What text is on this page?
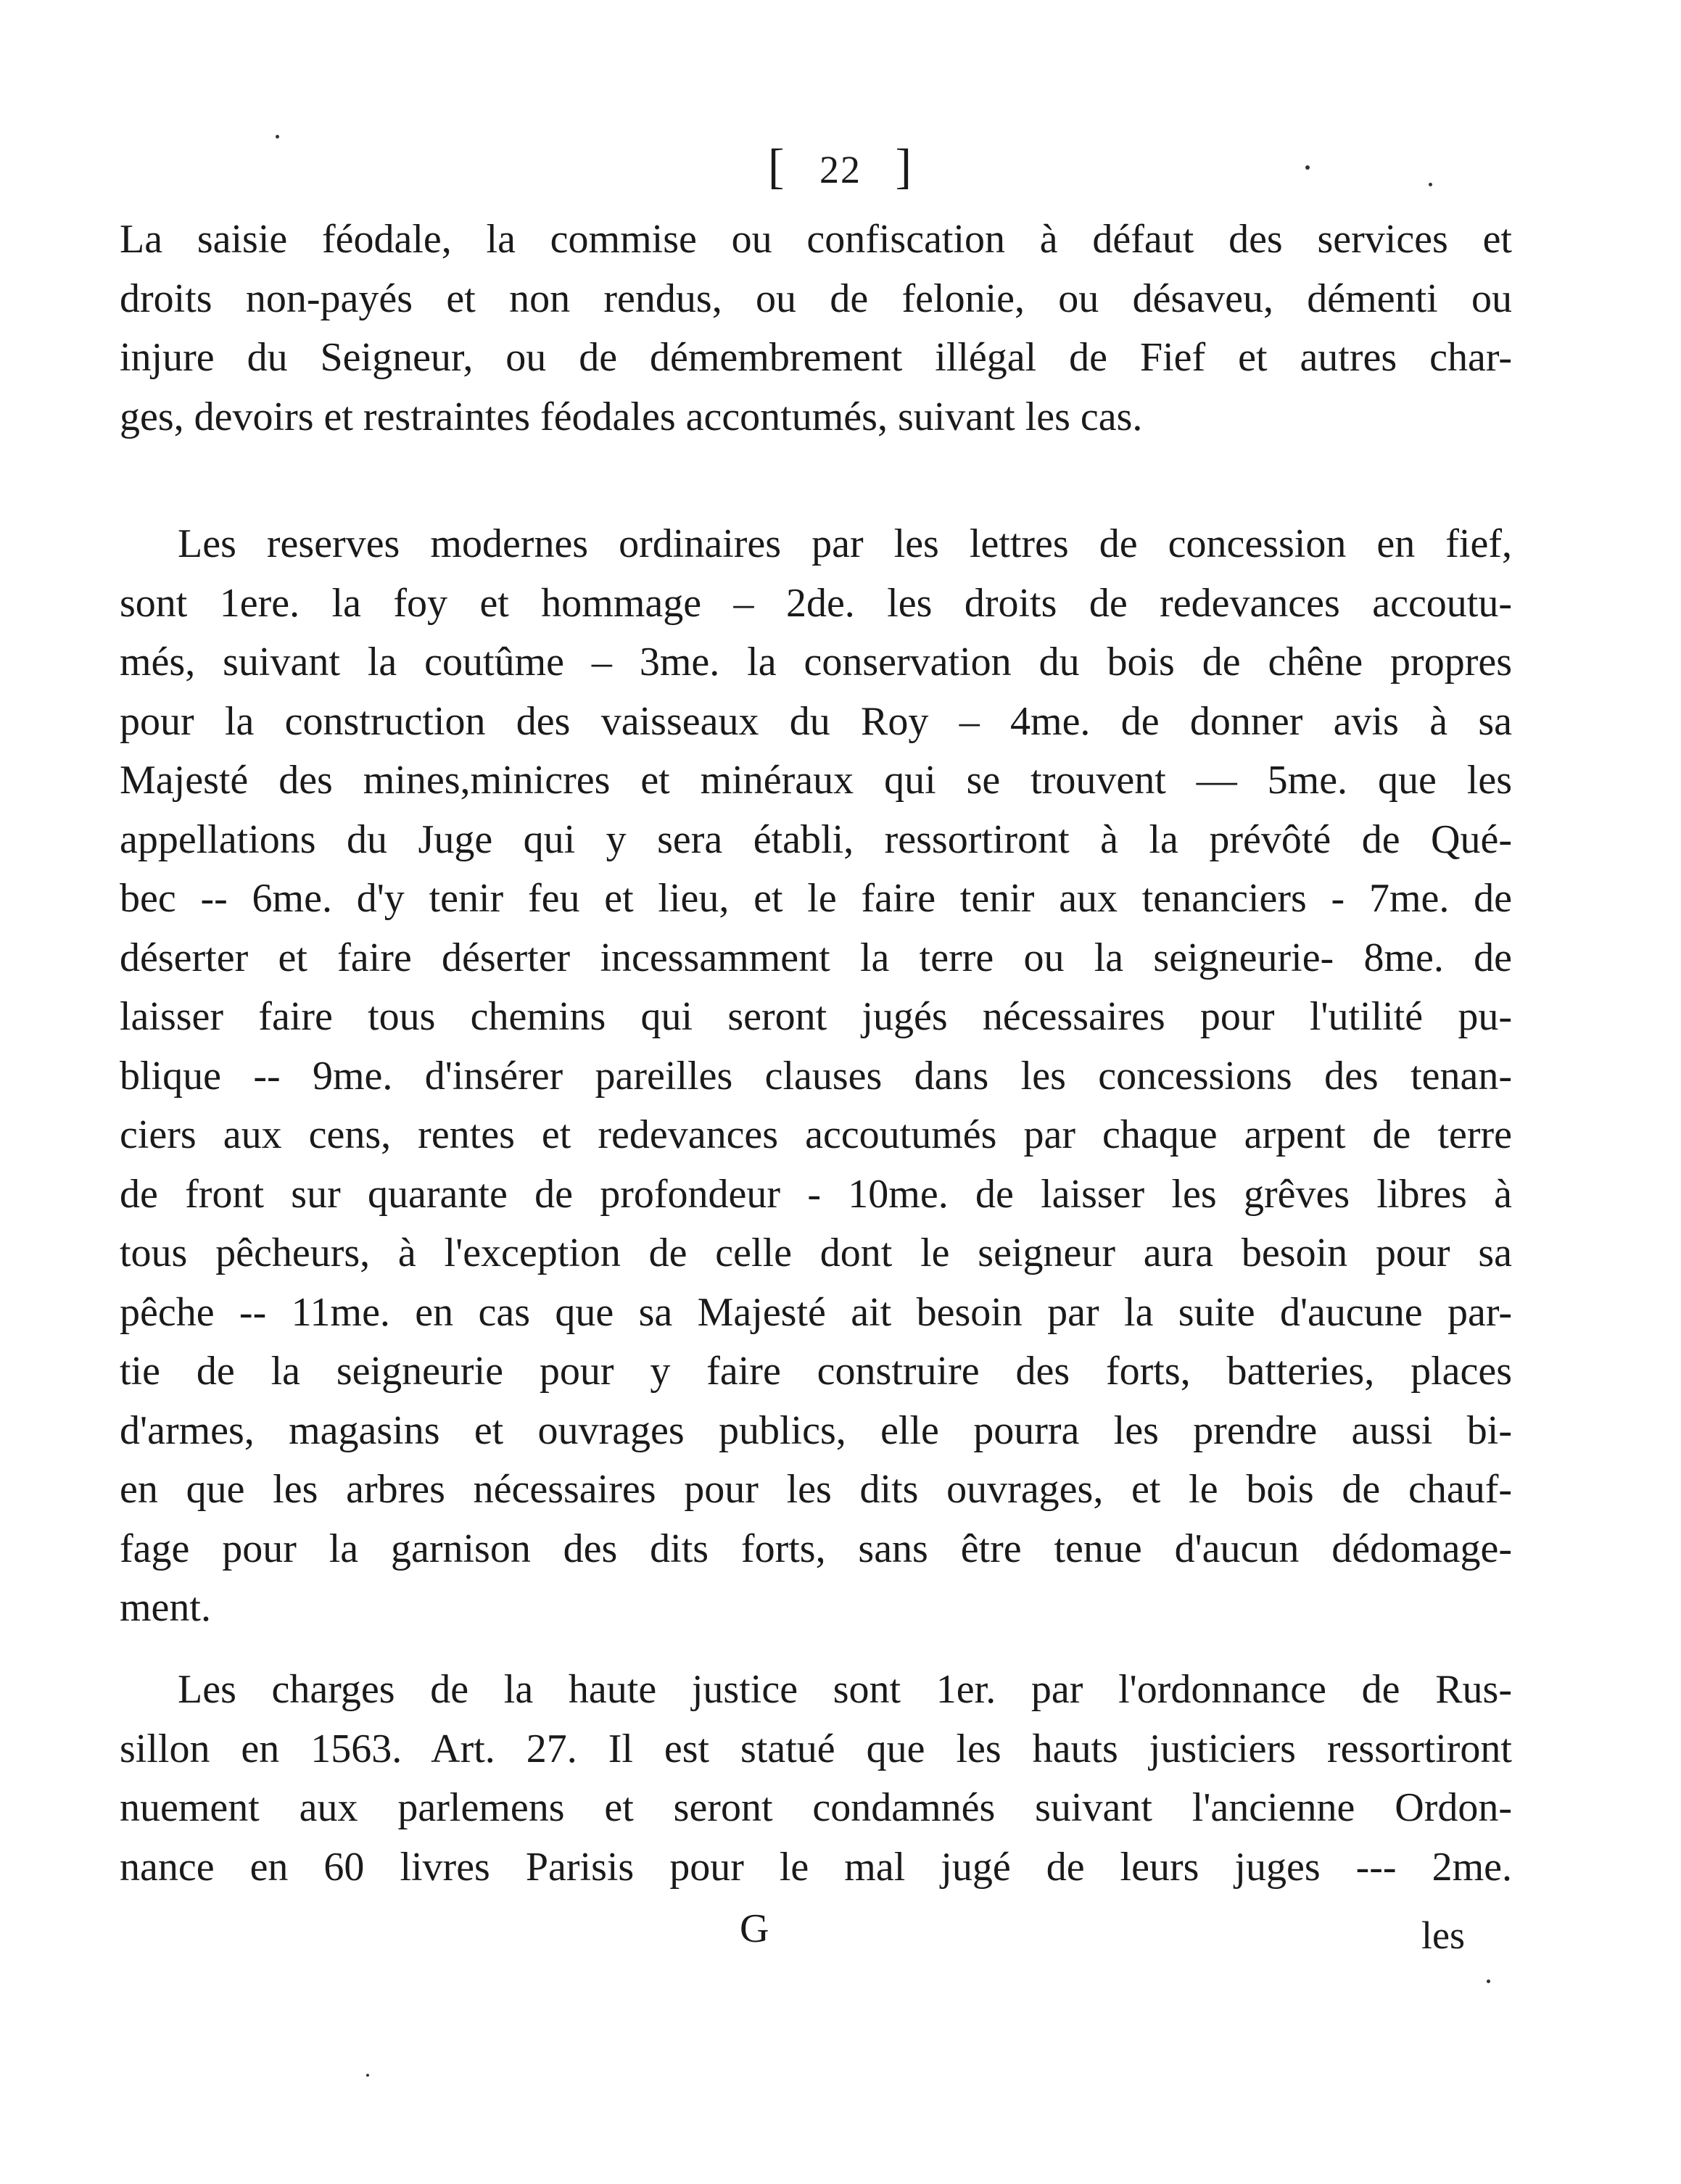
[ 22 ]
La saisie féodale, la commise ou confiscation à défaut des services et
droits non-payés et non rendus, ou de felonie, ou désaveu, démenti ou
injure du Seigneur, ou de démembrement illégal de Fief et autres char-
ges, devoirs et restraintes féodales accontumés, suivant les cas.
Les reserves modernes ordinaires par les lettres de concession en fief,
sont 1ere. la foy et hommage – 2de. les droits de redevances accoutu-
més, suivant la coutûme – 3me. la conservation du bois de chêne propres
pour la construction des vaisseaux du Roy – 4me. de donner avis à sa
Majesté des mines,minicres et minéraux qui se trouvent — 5me. que les
appellations du Juge qui y sera établi, ressortiront à la prévôté de Qué-
bec -- 6me. d'y tenir feu et lieu, et le faire tenir aux tenanciers - 7me. de
déserter et faire déserter incessamment la terre ou la seigneurie- 8me. de
laisser faire tous chemins qui seront jugés nécessaires pour l'utilité pu-
blique -- 9me. d'insérer pareilles clauses dans les concessions des tenan-
ciers aux cens, rentes et redevances accoutumés par chaque arpent de terre
de front sur quarante de profondeur - 10me. de laisser les grêves libres à
tous pêcheurs, à l'exception de celle dont le seigneur aura besoin pour sa
pêche -- 11me. en cas que sa Majesté ait besoin par la suite d'aucune par-
tie de la seigneurie pour y faire construire des forts, batteries, places
d'armes, magasins et ouvrages publics, elle pourra les prendre aussi bi-
en que les arbres nécessaires pour les dits ouvrages, et le bois de chauf-
fage pour la garnison des dits forts, sans être tenue d'aucun dédomage-
ment.
Les charges de la haute justice sont 1er. par l'ordonnance de Rus-
sillon en 1563. Art. 27. Il est statué que les hauts justiciers ressortiront
nuement aux parlemens et seront condamnés suivant l'ancienne Ordon-
nance en 60 livres Parisis pour le mal jugé de leurs juges --- 2me.
G	les
